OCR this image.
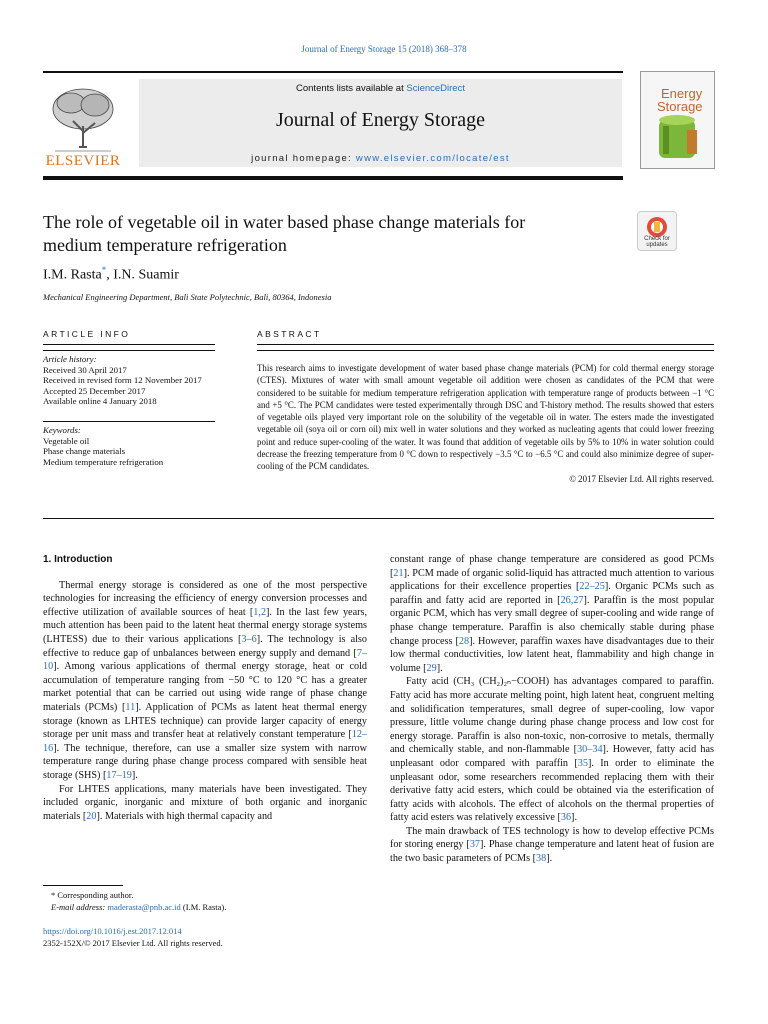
Journal of Energy Storage 15 (2018) 368–378
ELSEVIER
Contents lists available at ScienceDirect
Journal of Energy Storage
journal homepage: www.elsevier.com/locate/est
Energy
Storage
The role of vegetable oil in water based phase change materials for
medium temperature refrigeration	Check for updates
I.M. Rasta*, I.N. Suamir
Mechanical Engineering Department, Bali State Polytechnic, Bali, 80364, Indonesia
ARTICLE INFO	ABSTRACT
Article history:
Received 30 April 2017
Received in revised form 12 November 2017
Accepted 25 December 2017
Available online 4 January 2018
Keywords:
Vegetable oil
Phase change materials
Medium temperature refrigeration
This research aims to investigate development of water based phase change materials (PCM) for cold thermal energy storage (CTES). Mixtures of water with small amount vegetable oil addition were chosen as candidates of the PCM that were considered to be suitable for medium temperature refrigeration application with temperature range of products between −1 °C and +5 °C. The PCM candidates were tested experimentally through DSC and T-history method. The results showed that esters of vegetable oils played very important role on the solubility of the vegetable oil in water. The esters made the investigated vegetable oil (soya oil or corn oil) mix well in water solutions and they worked as nucleating agents that could lower freezing point and reduce super-cooling of the water. It was found that addition of vegetable oils by 5% to 10% in water solution could decrease the freezing temperature from 0 °C down to respectively −3.5 °C to −6.5 °C and could also minimize degree of super-cooling of the PCM candidates.
© 2017 Elsevier Ltd. All rights reserved.
1. Introduction

Thermal energy storage is considered as one of the most perspective technologies for increasing the efficiency of energy conversion processes and effective utilization of available sources of heat [1,2]. In the last few years, much attention has been paid to the latent heat thermal energy storage systems (LHTESS) due to their various applications [3–6]. The technology is also effective to reduce gap of unbalances between energy supply and demand [7–10]. Among various applications of thermal energy storage, heat or cold accumulation of temperature ranging from −50 °C to 120 °C has a greater market potential that can be carried out using wide range of phase change materials (PCMs) [11]. Application of PCMs as latent heat thermal energy storage (known as LHTES technique) can provide larger capacity of energy storage per unit mass and transfer heat at relatively constant temperature [12–16]. The technique, therefore, can use a smaller size system with narrow temperature range during phase change process compared with sensible heat storage (SHS) [17–19].

For LHTES applications, many materials have been investigated. They included organic, inorganic and mixture of both organic and inorganic materials [20]. Materials with high thermal capacity and

constant range of phase change temperature are considered as good PCMs [21]. PCM made of organic solid-liquid has attracted much attention to various applications for their excellence properties [22–25]. Organic PCMs such as paraffin and fatty acid are reported in [26,27]. Paraffin is the most popular organic PCM, which has very small degree of super-cooling and wide range of phase change temperature. Paraffin is also chemically stable during phase change process [28]. However, paraffin waxes have disadvantages due to their low thermal conductivities, low latent heat, flammability and high change in volume [29].

Fatty acid (CH₃ (CH₂)₂ₙ−COOH) has advantages compared to paraffin. Fatty acid has more accurate melting point, high latent heat, congruent melting and solidification temperatures, small degree of super-cooling, low vapor pressure, little volume change during phase change process and low cost for energy storage. Paraffin is also non-toxic, non-corrosive to metals, thermally and chemically stable, and non-flammable [30–34]. However, fatty acid has unpleasant odor compared with paraffin [35]. In order to eliminate the unpleasant odor, some researchers recommended replacing them with their derivative fatty acid esters, which could be obtained via the esterification of fatty acids with alcohols. The effect of alcohols on the thermal properties of fatty acid esters was relatively excessive [36].

The main drawback of TES technology is how to develop effective PCMs for storing energy [37]. Phase change temperature and latent heat of fusion are the two basic parameters of PCMs [38].

* Corresponding author.
E-mail address: maderasta@pnb.ac.id (I.M. Rasta).
https://doi.org/10.1016/j.est.2017.12.014
2352-152X/© 2017 Elsevier Ltd. All rights reserved.
